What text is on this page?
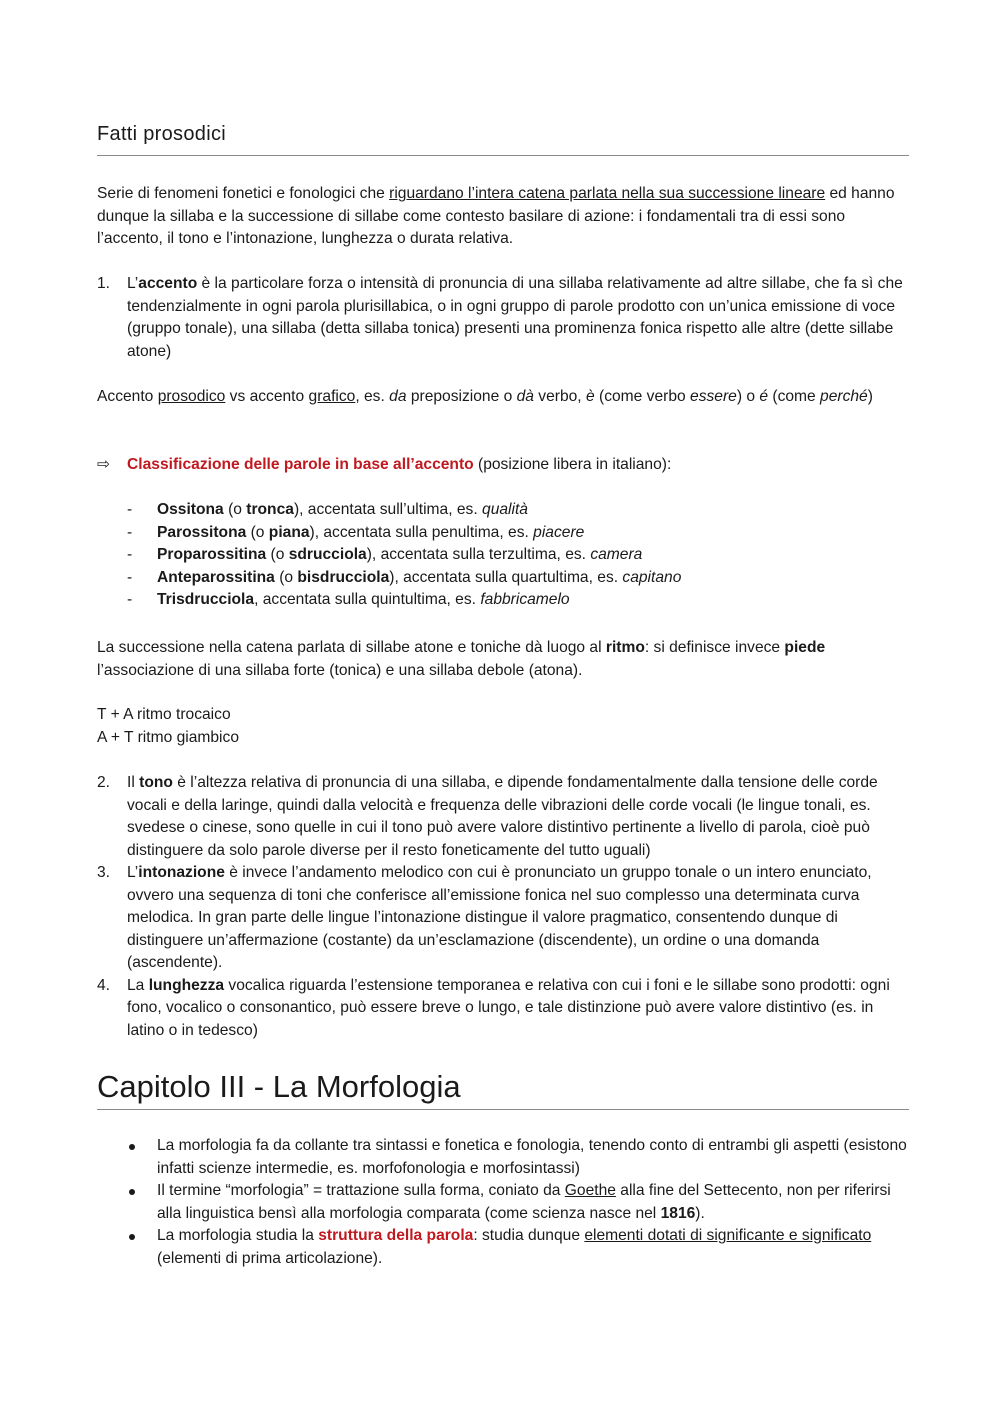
Fatti prosodici
Serie di fenomeni fonetici e fonologici che riguardano l’intera catena parlata nella sua successione lineare ed hanno dunque la sillaba e la successione di sillabe come contesto basilare di azione: i fondamentali tra di essi sono l’accento, il tono e l’intonazione, lunghezza o durata relativa.
1. L’accento è la particolare forza o intensità di pronuncia di una sillaba relativamente ad altre sillabe, che fa sì che tendenzialmente in ogni parola plurisillabica, o in ogni gruppo di parole prodotto con un’unica emissione di voce (gruppo tonale), una sillaba (detta sillaba tonica) presenti una prominenza fonica rispetto alle altre (dette sillabe atone)
Accento prosodico vs accento grafico, es. da preposizione o dà verbo, è (come verbo essere) o é (come perché)
⇨ Classificazione delle parole in base all’accento (posizione libera in italiano):
- Ossitona (o tronca), accentata sull’ultima, es. qualità
- Parossitona (o piana), accentata sulla penultima, es. piacere
- Proparossitina (o sdrucciola), accentata sulla terzultima, es. camera
- Anteparossitina (o bisdrucciola), accentata sulla quartultima, es. capitano
- Trisdrucciola, accentata sulla quintultima, es. fabbricamelo
La successione nella catena parlata di sillabe atone e toniche dà luogo al ritmo: si definisce invece piede l’associazione di una sillaba forte (tonica) e una sillaba debole (atona).
T + A ritmo trocaico
A + T ritmo giambico
2. Il tono è l’altezza relativa di pronuncia di una sillaba, e dipende fondamentalmente dalla tensione delle corde vocali e della laringe, quindi dalla velocità e frequenza delle vibrazioni delle corde vocali (le lingue tonali, es. svedese o cinese, sono quelle in cui il tono può avere valore distintivo pertinente a livello di parola, cioè può distinguere da solo parole diverse per il resto foneticamente del tutto uguali)
3. L’intonazione è invece l’andamento melodico con cui è pronunciato un gruppo tonale o un intero enunciato, ovvero una sequenza di toni che conferisce all’emissione fonica nel suo complesso una determinata curva melodica. In gran parte delle lingue l’intonazione distingue il valore pragmatico, consentendo dunque di distinguere un’affermazione (costante) da un’esclamazione (discendente), un ordine o una domanda (ascendente).
4. La lunghezza vocalica riguarda l’estensione temporanea e relativa con cui i foni e le sillabe sono prodotti: ogni fono, vocalico o consonantico, può essere breve o lungo, e tale distinzione può avere valore distintivo (es. in latino o in tedesco)
Capitolo III - La Morfologia
La morfologia fa da collante tra sintassi e fonetica e fonologia, tenendo conto di entrambi gli aspetti (esistono infatti scienze intermedie, es. morfofonologia e morfosintassi)
Il termine “morfologia” = trattazione sulla forma, coniato da Goethe alla fine del Settecento, non per riferirsi alla linguistica bensì alla morfologia comparata (come scienza nasce nel 1816).
La morfologia studia la struttura della parola: studia dunque elementi dotati di significante e significato (elementi di prima articolazione).
